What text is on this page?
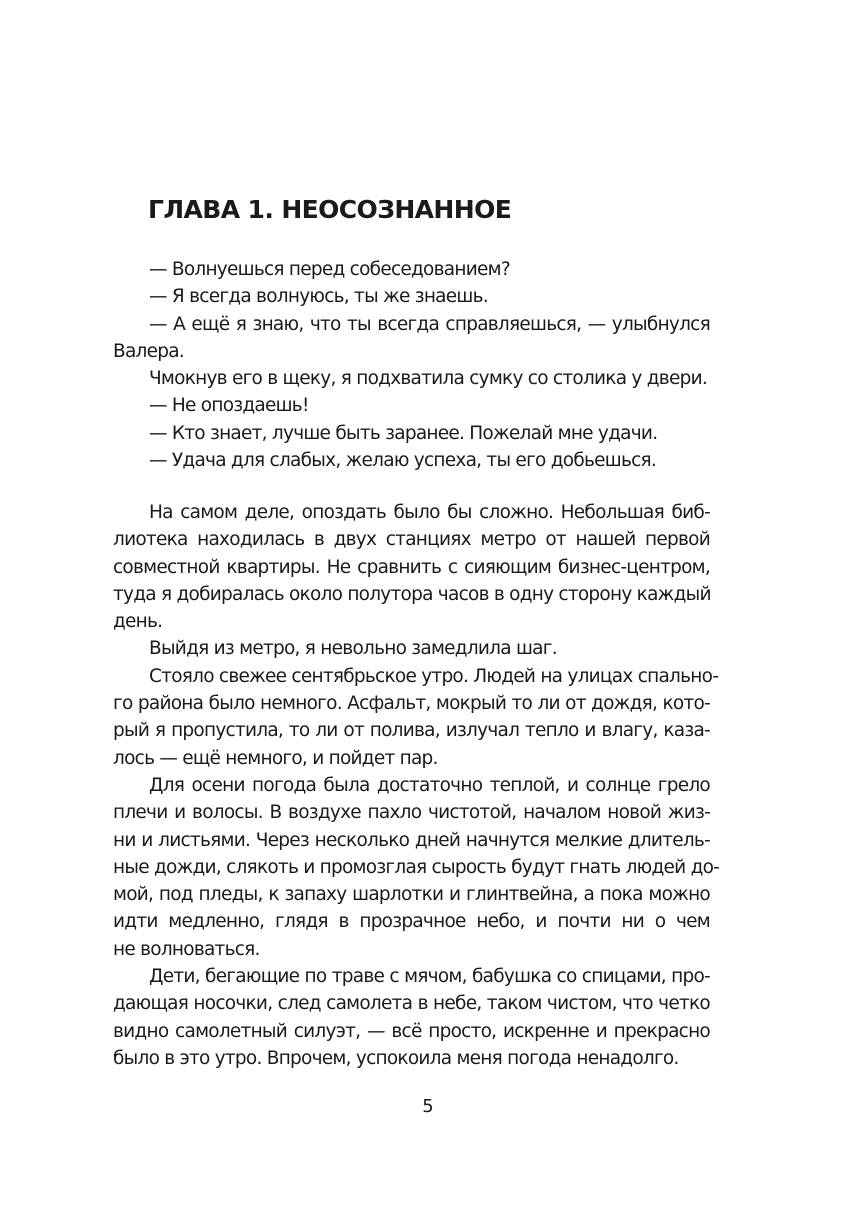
ГЛАВА 1. НЕОСОЗНАННОЕ
— Волнуешься перед собеседованием?
— Я всегда волнуюсь, ты же знаешь.
— А ещё я знаю, что ты всегда справляешься, — улыбнулся
Валера.
Чмокнув его в щеку, я подхватила сумку со столика у двери.
— Не опоздаешь!
— Кто знает, лучше быть заранее. Пожелай мне удачи.
— Удача для слабых, желаю успеха, ты его добьешься.
На самом деле, опоздать было бы сложно. Небольшая биб-
лиотека находилась в двух станциях метро от нашей первой
совместной квартиры. Не сравнить с сияющим бизнес-центром,
туда я добиралась около полутора часов в одну сторону каждый
день.
Выйдя из метро, я невольно замедлила шаг.
Стояло свежее сентябрьское утро. Людей на улицах спально-
го района было немного. Асфальт, мокрый то ли от дождя, кото-
рый я пропустила, то ли от полива, излучал тепло и влагу, каза-
лось — ещё немного, и пойдет пар.
Для осени погода была достаточно теплой, и солнце грело
плечи и волосы. В воздухе пахло чистотой, началом новой жиз-
ни и листьями. Через несколько дней начнутся мелкие длитель-
ные дожди, слякоть и промозглая сырость будут гнать людей до-
мой, под пледы, к запаху шарлотки и глинтвейна, а пока можно
идти медленно, глядя в прозрачное небо, и почти ни о чем
не волноваться.
Дети, бегающие по траве с мячом, бабушка со спицами, про-
дающая носочки, след самолета в небе, таком чистом, что четко
видно самолетный силуэт, — всё просто, искренне и прекрасно
было в это утро. Впрочем, успокоила меня погода ненадолго.
5
